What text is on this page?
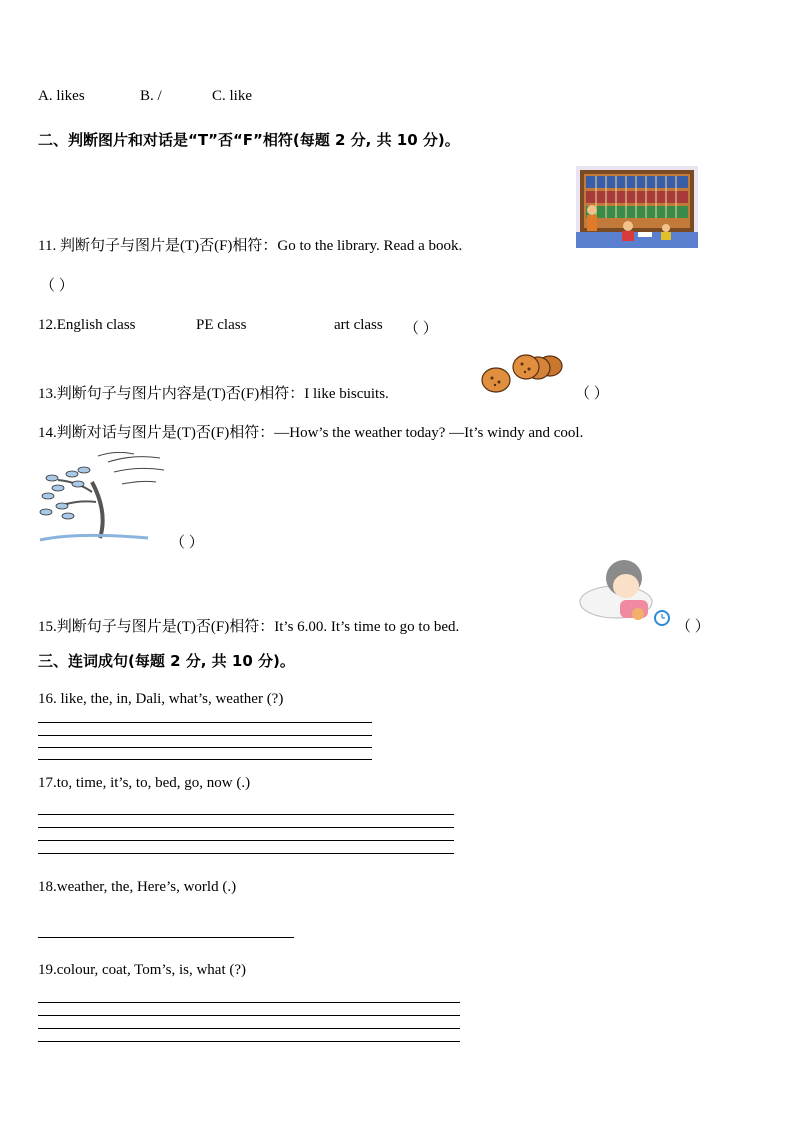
A. likes	B. /	C. like
二、判断图片和对话是“T”否“F”相符(每题 2 分, 共 10 分)。
11. 判断句子与图片是(T)否(F)相符：Go to the library. Read a book.
（ ）
12.English class	PE class	art class （ ）
13.判断句子与图片内容是(T)否(F)相符：I like biscuits.	（ ）
14.判断对话与图片是(T)否(F)相符：—How’s the weather today? —It’s windy and cool.
（ ）
15.判断句子与图片是(T)否(F)相符：It’s 6.00. It’s time to go to bed.	（ ）
三、连词成句(每题 2 分, 共 10 分)。
16. like, the, in, Dali, what’s, weather (?)
17.to, time, it’s, to, bed, go, now (.)
18.weather, the, Here’s, world (.)
19.colour, coat, Tom’s, is, what (?)
